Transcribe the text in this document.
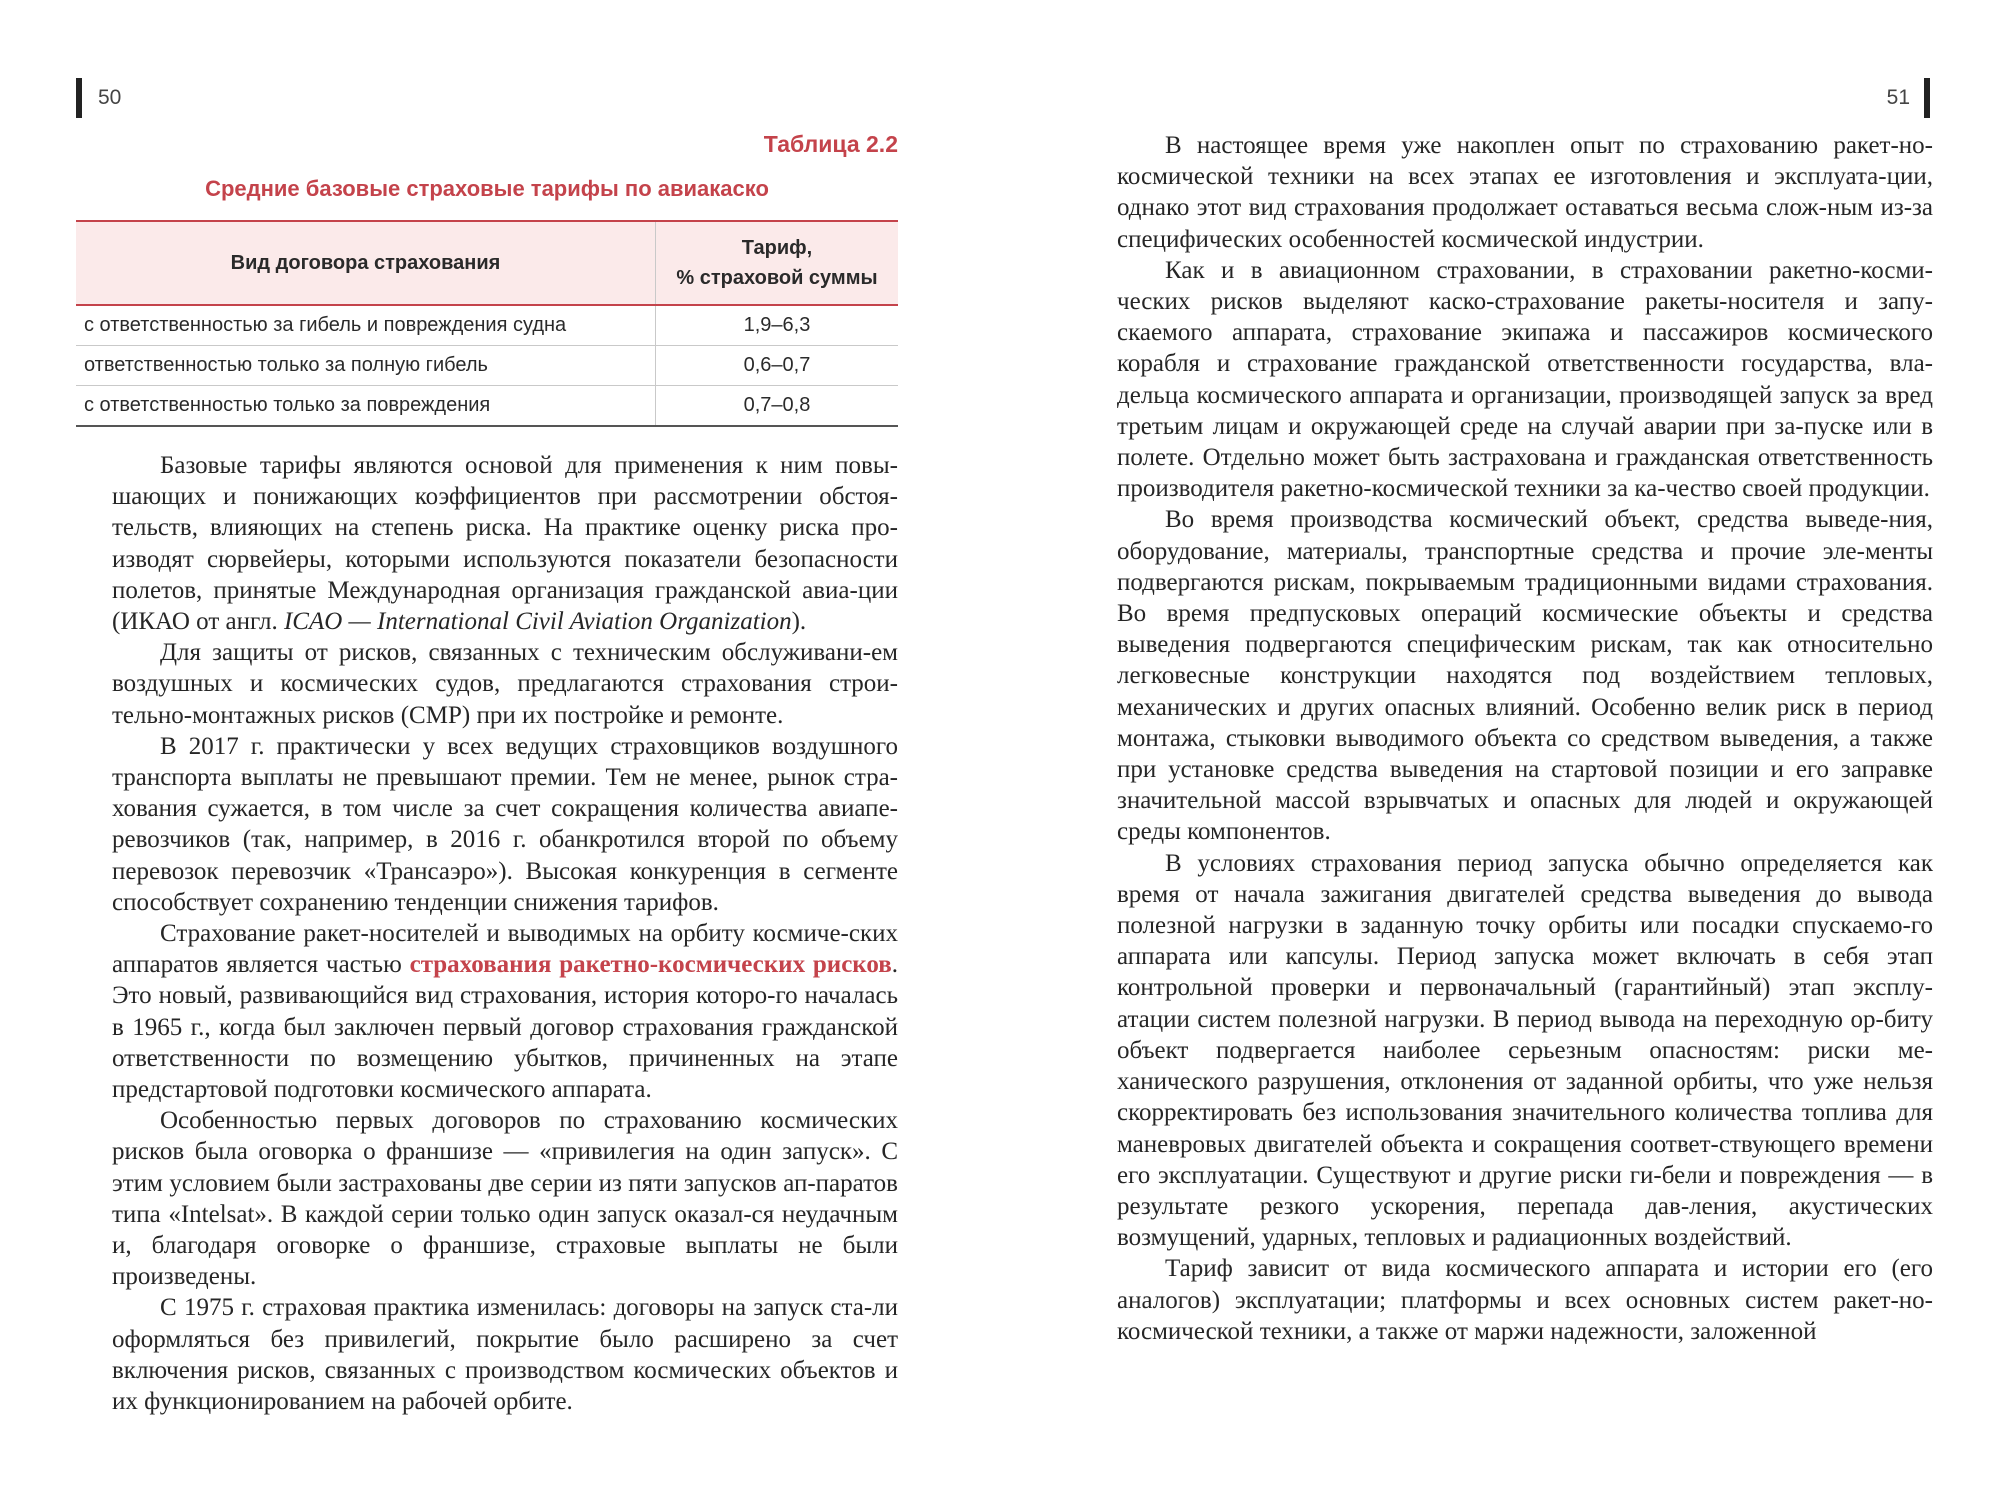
50
Таблица 2.2
Средние базовые страховые тарифы по авиакаско
Вид договора страхования	Тариф,
% страховой суммы
с ответственностью за гибель и повреждения судна	1,9–6,3
ответственностью только за полную гибель	0,6–0,7
с ответственностью только за повреждения	0,7–0,8

Базовые тарифы являются основой для применения к ним повы-шающих и понижающих коэффициентов при рассмотрении обстоя-тельств, влияющих на степень риска. На практике оценку риска про-изводят сюрвейеры, которыми используются показатели безопасности полетов, принятые Международная организация гражданской авиа-ции (ИКАО от англ. ICAO — International Civil Aviation Organization).

Для защиты от рисков, связанных с техническим обслуживани-ем воздушных и космических судов, предлагаются страхования строи-тельно-монтажных рисков (СМР) при их постройке и ремонте.

В 2017 г. практически у всех ведущих страховщиков воздушного транспорта выплаты не превышают премии. Тем не менее, рынок стра-хования сужается, в том числе за счет сокращения количества авиапе-ревозчиков (так, например, в 2016 г. обанкротился второй по объему перевозок перевозчик «Трансаэро»). Высокая конкуренция в сегменте способствует сохранению тенденции снижения тарифов.

Страхование ракет-носителей и выводимых на орбиту космиче-ских аппаратов является частью страхования ракетно-космических рисков. Это новый, развивающийся вид страхования, история которо-го началась в 1965 г., когда был заключен первый договор страхования гражданской ответственности по возмещению убытков, причиненных на этапе предстартовой подготовки космического аппарата.

Особенностью первых договоров по страхованию космических рисков была оговорка о франшизе — «привилегия на один запуск». С этим условием были застрахованы две серии из пяти запусков ап-паратов типа «Intelsat». В каждой серии только один запуск оказал-ся неудачным и, благодаря оговорке о франшизе, страховые выплаты не были произведены.

С 1975 г. страховая практика изменилась: договоры на запуск ста-ли оформляться без привилегий, покрытие было расширено за счет включения рисков, связанных с производством космических объектов и их функционированием на рабочей орбите.

51

В настоящее время уже накоплен опыт по страхованию ракет-но-космической техники на всех этапах ее изготовления и эксплуата-ции, однако этот вид страхования продолжает оставаться весьма слож-ным из-за специфических особенностей космической индустрии.

Как и в авиационном страховании, в страховании ракетно-косми-ческих рисков выделяют каско-страхование ракеты-носителя и запу-скаемого аппарата, страхование экипажа и пассажиров космического корабля и страхование гражданской ответственности государства, вла-дельца космического аппарата и организации, производящей запуск за вред третьим лицам и окружающей среде на случай аварии при за-пуске или в полете. Отдельно может быть застрахована и гражданская ответственность производителя ракетно-космической техники за ка-чество своей продукции.

Во время производства космический объект, средства выведе-ния, оборудование, материалы, транспортные средства и прочие эле-менты подвергаются рискам, покрываемым традиционными видами страхования. Во время предпусковых операций космические объекты и средства выведения подвергаются специфическим рискам, так как относительно легковесные конструкции находятся под воздействием тепловых, механических и других опасных влияний. Особенно велик риск в период монтажа, стыковки выводимого объекта со средством выведения, а также при установке средства выведения на стартовой позиции и его заправке значительной массой взрывчатых и опасных для людей и окружающей среды компонентов.

В условиях страхования период запуска обычно определяется как время от начала зажигания двигателей средства выведения до вывода полезной нагрузки в заданную точку орбиты или посадки спускаемо-го аппарата или капсулы. Период запуска может включать в себя этап контрольной проверки и первоначальный (гарантийный) этап эксплу-атации систем полезной нагрузки. В период вывода на переходную ор-биту объект подвергается наиболее серьезным опасностям: риски ме-ханического разрушения, отклонения от заданной орбиты, что уже нельзя скорректировать без использования значительного количества топлива для маневровых двигателей объекта и сокращения соответ-ствующего времени его эксплуатации. Существуют и другие риски ги-бели и повреждения — в результате резкого ускорения, перепада дав-ления, акустических возмущений, ударных, тепловых и радиационных воздействий.

Тариф зависит от вида космического аппарата и истории его (его аналогов) эксплуатации; платформы и всех основных систем ракет-но-космической техники, а также от маржи надежности, заложенной
